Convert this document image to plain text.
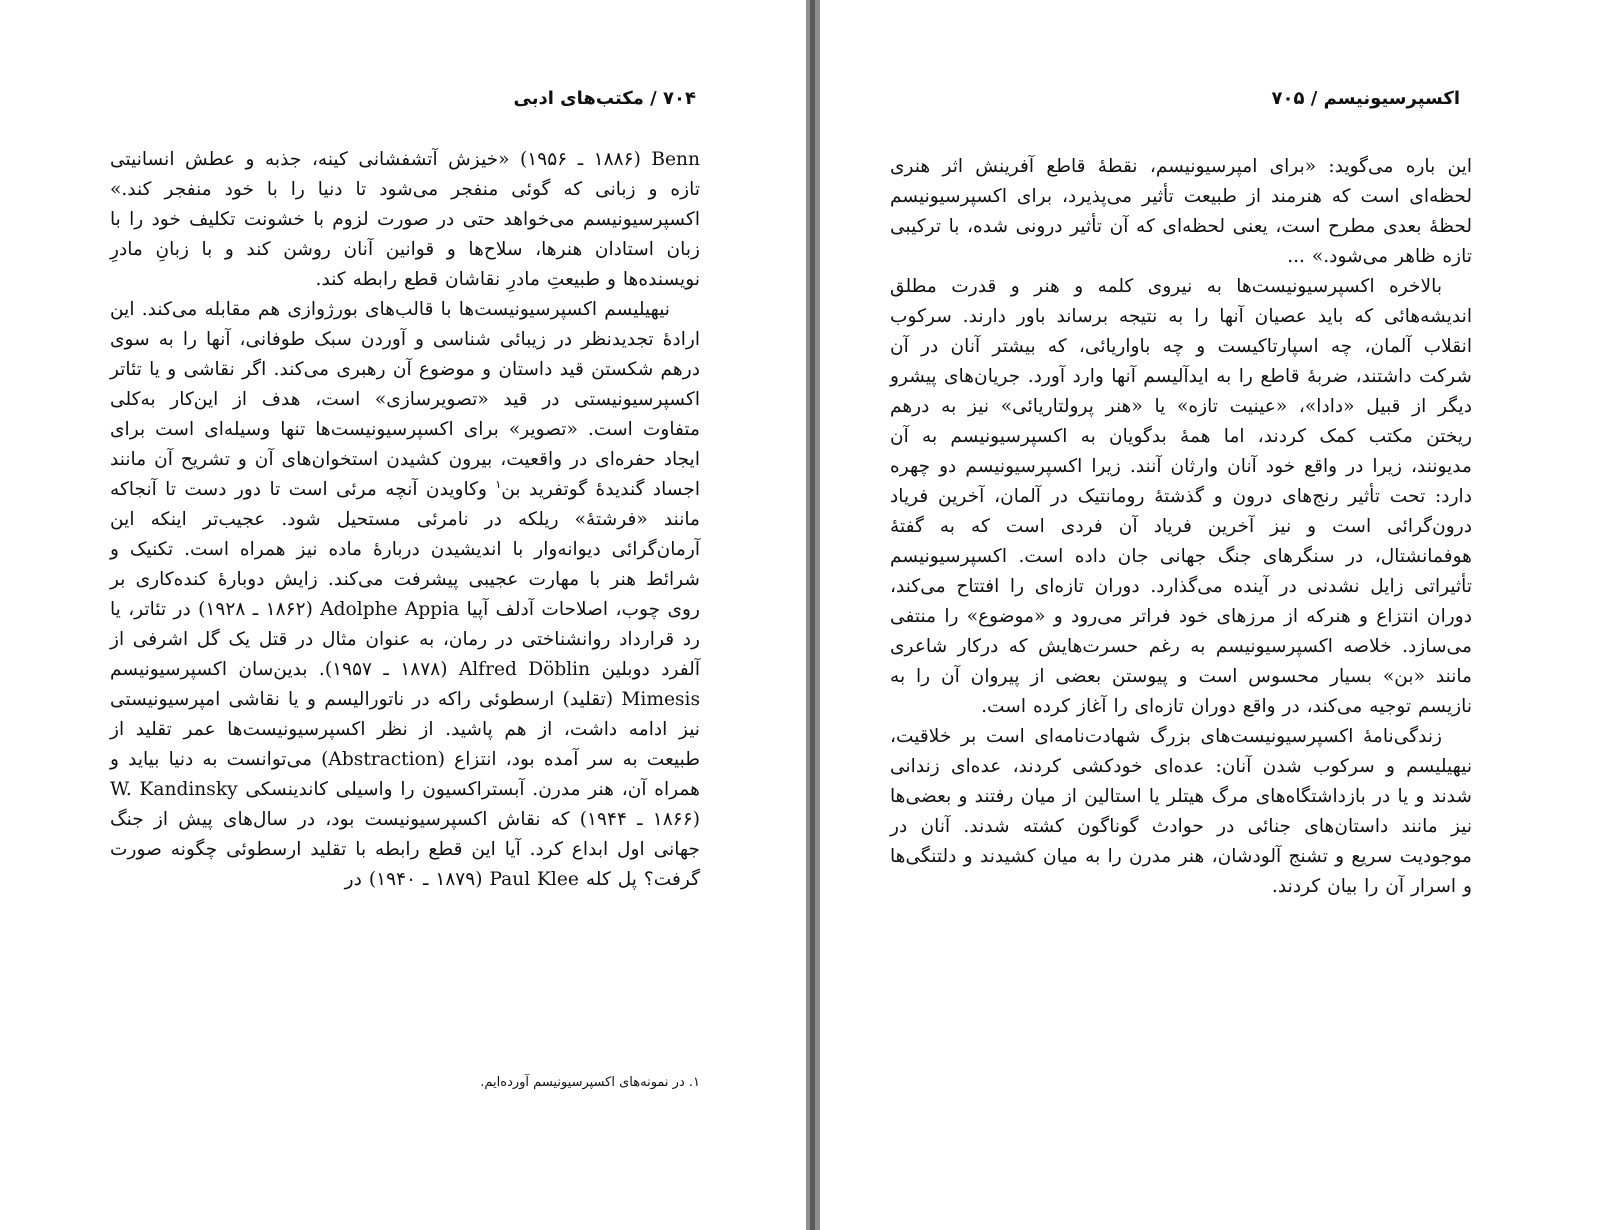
۷۰۴ / مکتب‌های ادبی

Benn (۱۸۸۶ ـ ۱۹۵۶) «خیزش آتشفشانی کینه، جذبه و عطش انسانیتی تازه و زبانی که گوئی منفجر می‌شود تا دنیا را با خود منفجر کند.» اکسپرسیونیسم می‌خواهد حتی در صورت لزوم با خشونت تکلیف خود را با زبان استادان هنرها، سلاح‌ها و قوانین آنان روشن کند و با زبانِ مادرِ نویسنده‌ها و طبیعتِ مادرِ نقاشان قطع رابطه کند.

نیهیلیسم اکسپرسیونیست‌ها با قالب‌های بورژوازی هم مقابله می‌کند. این ارادهٔ تجدیدنظر در زیبائی شناسی و آوردن سبک طوفانی، آنها را به سوی درهم شکستن قید داستان و موضوع آن رهبری می‌کند. اگر نقاشی و یا تئاتر اکسپرسیونیستی در قید «تصویرسازی» است، هدف از این‌کار به‌کلی متفاوت است. «تصویر» برای اکسپرسیونیست‌ها تنها وسیله‌ای است برای ایجاد حفره‌ای در واقعیت، بیرون کشیدن استخوان‌های آن و تشریح آن مانند اجساد گندیدهٔ گوتفرید بن$^۱$ وکاویدن آنچه مرئی است تا دور دست تا آنجاکه مانند «فرشتهٔ» ریلکه در نامرئی مستحیل شود. عجیب‌تر اینکه این آرمان‌گرائی دیوانه‌وار با اندیشیدن دربارهٔ ماده نیز همراه است. تکنیک و شرائط هنر با مهارت عجیبی پیشرفت می‌کند. زایش دوبارهٔ کنده‌کاری بر روی چوب، اصلاحات آدلف آپیا Adolphe Appia (۱۸۶۲ ـ ۱۹۲۸) در تئاتر، یا رد قرارداد روانشناختی در رمان، به عنوان مثال در قتل یک گل اشرفی از آلفرد دوبلین Alfred Döblin (۱۸۷۸ ـ ۱۹۵۷). بدین‌سان اکسپرسیونیسم Mimesis (تقلید) ارسطوئی راکه در ناتورالیسم و یا نقاشی امپرسیونیستی نیز ادامه داشت، از هم پاشید. از نظر اکسپرسیونیست‌ها عمر تقلید از طبیعت به سر آمده بود، انتزاع (Abstraction) می‌توانست به دنیا بیاید و همراه آن، هنر مدرن. آبستراکسیون را واسیلی کاندینسکی W. Kandinsky (۱۸۶۶ ـ ۱۹۴۴) که نقاش اکسپرسیونیست بود، در سال‌های پیش از جنگ جهانی اول ابداع کرد. آیا این قطع رابطه با تقلید ارسطوئی چگونه صورت گرفت؟ پل کله Paul Klee (۱۸۷۹ ـ ۱۹۴۰) در

۱. در نمونه‌های اکسپرسیونیسم آورده‌ایم.
اکسپرسیونیسم / ۷۰۵

این باره می‌گوید: «برای امپرسیونیسم، نقطهٔ قاطع آفرینش اثر هنری لحظه‌ای است که هنرمند از طبیعت تأثیر می‌پذیرد، برای اکسپرسیونیسم لحظهٔ بعدی مطرح است، یعنی لحظه‌ای که آن تأثیر درونی شده، با ترکیبی تازه ظاهر می‌شود.» ...

بالاخره اکسپرسیونیست‌ها به نیروی کلمه و هنر و قدرت مطلق اندیشه‌هائی که باید عصیان آنها را به نتیجه برساند باور دارند. سرکوب انقلاب آلمان، چه اسپارتاکیست و چه باواریائی، که بیشتر آنان در آن شرکت داشتند، ضربهٔ قاطع را به ایدآلیسم آنها وارد آورد. جریان‌های پیشرو دیگر از قبیل «دادا»، «عینیت تازه» یا «هنر پرولتاریائی» نیز به درهم ریختن مکتب کمک کردند، اما همهٔ بدگویان به اکسپرسیونیسم به آن مدیونند، زیرا در واقع خود آنان وارثان آنند. زیرا اکسپرسیونیسم دو چهره دارد: تحت تأثیر رنج‌های درون و گذشتهٔ رومانتیک در آلمان، آخرین فریاد درون‌گرائی است و نیز آخرین فریاد آن فردی است که به گفتهٔ هوفمانشتال، در سنگرهای جنگ جهانی جان داده است. اکسپرسیونیسم تأثیراتی زایل نشدنی در آینده می‌گذارد. دوران تازه‌ای را افتتاح می‌کند، دوران انتزاع و هنرکه از مرزهای خود فراتر می‌رود و «موضوع» را منتفی می‌سازد. خلاصه اکسپرسیونیسم به رغم حسرت‌هایش که درکار شاعری مانند «بن» بسیار محسوس است و پیوستن بعضی از پیروان آن را به نازیسم توجیه می‌کند، در واقع دوران تازه‌ای را آغاز کرده است.

زندگی‌نامهٔ اکسپرسیونیست‌های بزرگ شهادت‌نامه‌ای است بر خلاقیت، نیهیلیسم و سرکوب شدن آنان: عده‌ای خودکشی کردند، عده‌ای زندانی شدند و یا در بازداشتگاه‌های مرگ هیتلر یا استالین از میان رفتند و بعضی‌ها نیز مانند داستان‌های جنائی در حوادث گوناگون کشته شدند. آنان در موجودیت سریع و تشنج آلودشان، هنر مدرن را به میان کشیدند و دلتنگی‌ها و اسرار آن را بیان کردند.
